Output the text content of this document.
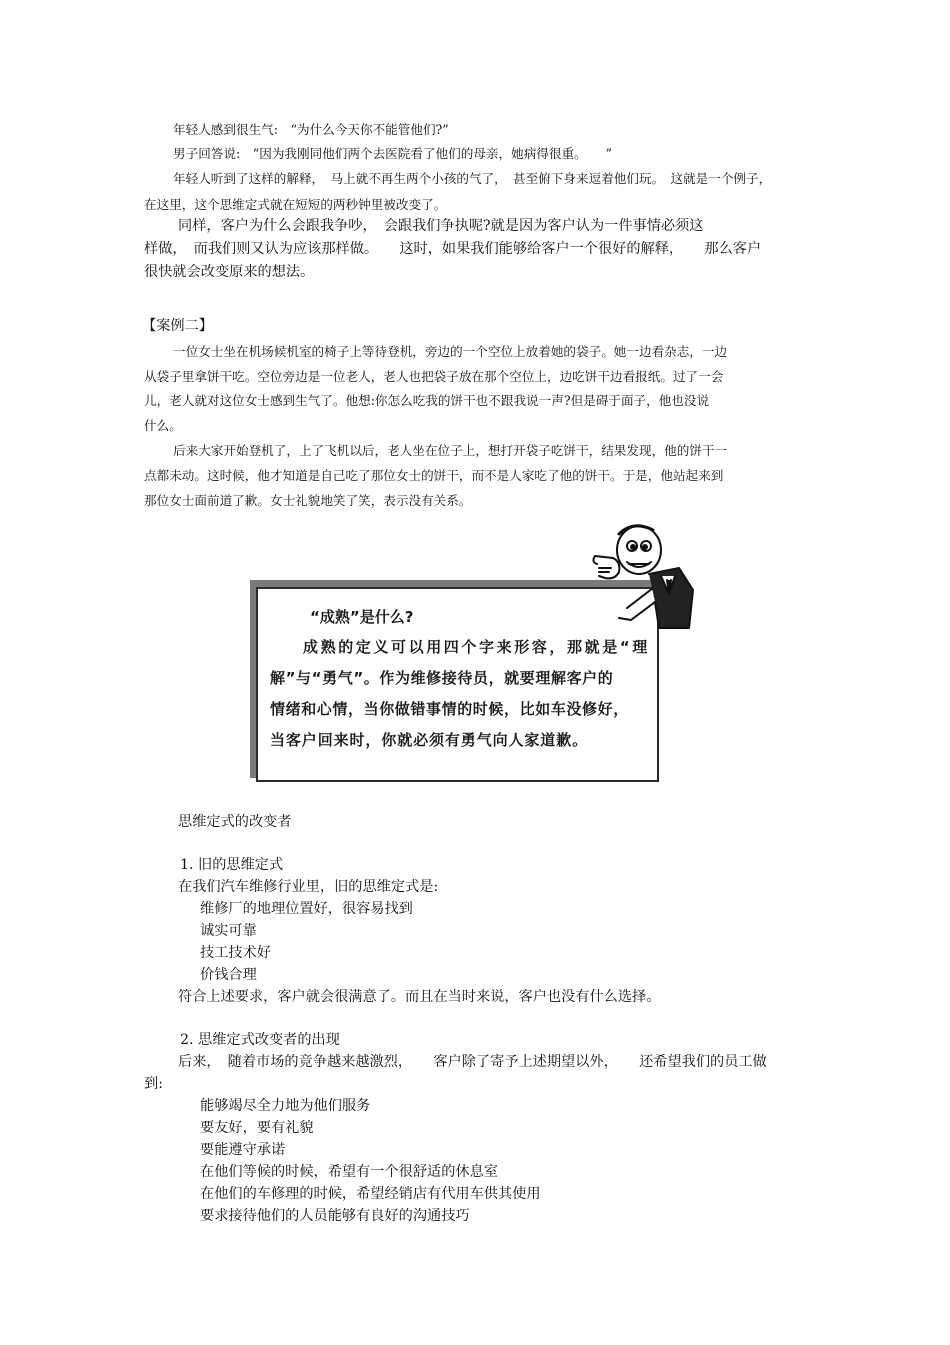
年轻人感到很生气:　“为什么今天你不能管他们?”
男子回答说:　“因为我刚同他们两个去医院看了他们的母亲，她病得很重。　　”
年轻人听到了这样的解释，　马上就不再生两个小孩的气了，　甚至俯下身来逗着他们玩。　这就是一个例子，
在这里，这个思维定式就在短短的两秒钟里被改变了。
同样，客户为什么会跟我争吵，　会跟我们争执呢?就是因为客户认为一件事情必须这
样做，　而我们则又认为应该那样做。　　这时，如果我们能够给客户一个很好的解释，　　那么客户
很快就会改变原来的想法。
【案例二】
一位女士坐在机场候机室的椅子上等待登机，旁边的一个空位上放着她的袋子。她一边看杂志，一边
从袋子里拿饼干吃。空位旁边是一位老人，老人也把袋子放在那个空位上，边吃饼干边看报纸。过了一会
儿，老人就对这位女士感到生气了。他想:你怎么吃我的饼干也不跟我说一声?但是碍于面子，他也没说
什么。
后来大家开始登机了，上了飞机以后，老人坐在位子上，想打开袋子吃饼干，结果发现，他的饼干一
点都未动。这时候，他才知道是自己吃了那位女士的饼干，而不是人家吃了他的饼干。于是，他站起来到
那位女士面前道了歉。女士礼貌地笑了笑，表示没有关系。
“成熟”是什么?
成熟的定义可以用四个字来形容，那就是“理
解”与“勇气”。作为维修接待员，就要理解客户的
情绪和心情，当你做错事情的时候，比如车没修好，
当客户回来时，你就必须有勇气向人家道歉。
思维定式的改变者
1. 旧的思维定式
在我们汽车维修行业里，旧的思维定式是:
维修厂的地理位置好，很容易找到
诚实可靠
技工技术好
价钱合理
符合上述要求，客户就会很满意了。而且在当时来说，客户也没有什么选择。
2. 思维定式改变者的出现
后来，　随着市场的竞争越来越激烈，　　客户除了寄予上述期望以外，　　还希望我们的员工做
到:
能够竭尽全力地为他们服务
要友好，要有礼貌
要能遵守承诺
在他们等候的时候，希望有一个很舒适的休息室
在他们的车修理的时候，希望经销店有代用车供其使用
要求接待他们的人员能够有良好的沟通技巧
